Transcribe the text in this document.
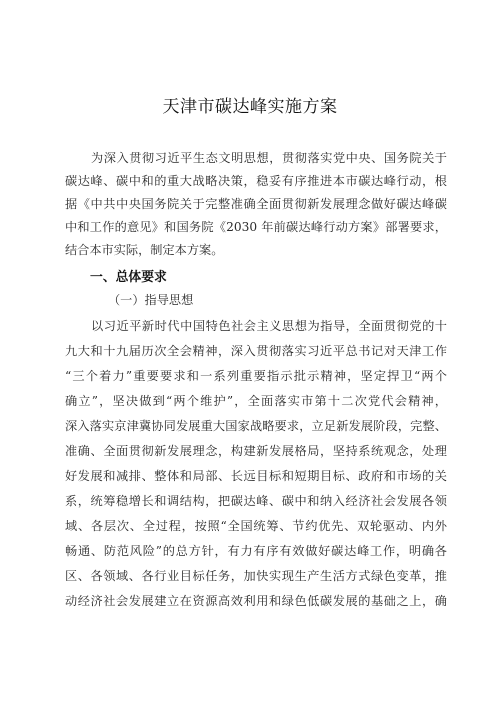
天津市碳达峰实施方案
为深入贯彻习近平生态文明思想，贯彻落实党中央、国务院关于
碳达峰、碳中和的重大战略决策，稳妥有序推进本市碳达峰行动，根
据《中共中央国务院关于完整准确全面贯彻新发展理念做好碳达峰碳
中和工作的意见》和国务院《2030 年前碳达峰行动方案》部署要求，
结合本市实际，制定本方案。
一、总体要求
（一）指导思想
以习近平新时代中国特色社会主义思想为指导，全面贯彻党的十
九大和十九届历次全会精神，深入贯彻落实习近平总书记对天津工作
“三个着力”重要要求和一系列重要指示批示精神，坚定捍卫“两个
确立”，坚决做到“两个维护”，全面落实市第十二次党代会精神，
深入落实京津冀协同发展重大国家战略要求，立足新发展阶段，完整、
准确、全面贯彻新发展理念，构建新发展格局，坚持系统观念，处理
好发展和减排、整体和局部、长远目标和短期目标、政府和市场的关
系，统筹稳增长和调结构，把碳达峰、碳中和纳入经济社会发展各领
域、各层次、全过程，按照“全国统筹、节约优先、双轮驱动、内外
畅通、防范风险”的总方针，有力有序有效做好碳达峰工作，明确各
区、各领域、各行业目标任务，加快实现生产生活方式绿色变革，推
动经济社会发展建立在资源高效利用和绿色低碳发展的基础之上，确
